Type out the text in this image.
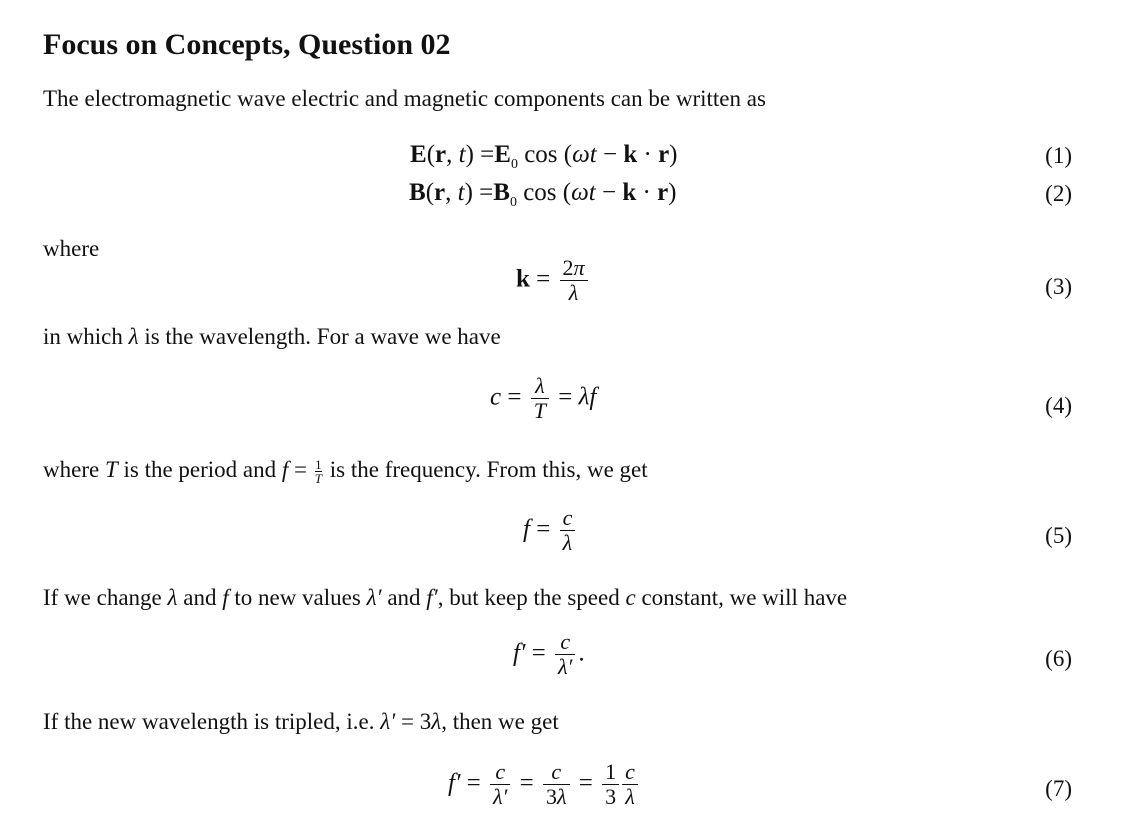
Focus on Concepts, Question 02
The electromagnetic wave electric and magnetic components can be written as
E(r, $t) =E_0$ cos (ωt − k · r)	(1)
B(r, $t) =B_0$ cos (ωt − k · r)	(2)
where
$k = \frac{2\pi}{\lambda}$	(3)
in which λ is the wavelength. For a wave we have
$c = \frac{\lambda}{T} = \lambda f$	(4)
where T is the period and $f = \frac{1}{T}$ is the frequency. From this, we get
$f = \frac{c}{\lambda}$	(5)
If we change λ and f to new values λ′ and f′, but keep the speed c constant, we will have
$f' = \frac{c}{\lambda'}$ .	(6)
If the new wavelength is tripled, i.e. λ′ = 3λ, then we get
$f' = \frac{c}{\lambda'} = \frac{c}{3\lambda} = \frac{1}{3} \frac{c}{\lambda}$	(7)
